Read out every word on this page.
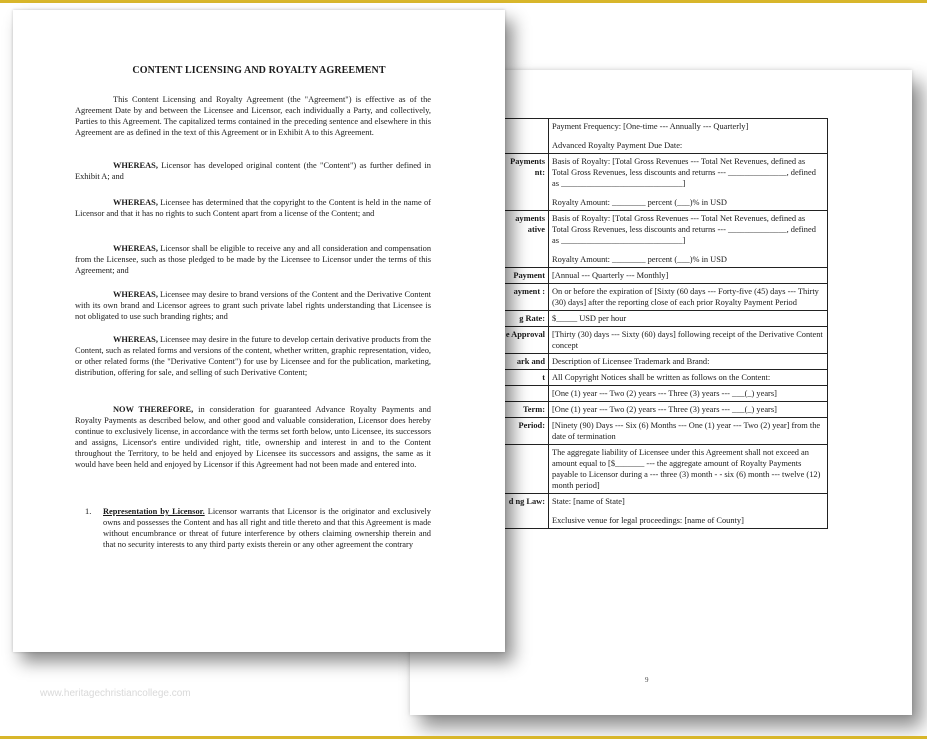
	Payment Frequency: [One-time --- Annually --- Quarterly]
Advanced Royalty Payment Due Date:

Payments nt:	Basis of Royalty: [Total Gross Revenues --- Total Net Revenues, defined as Total Gross Revenues, less discounts and returns --- ______________, defined as _____________________________]
Royalty Amount: ________ percent (___)% in USD

ayments ative	Basis of Royalty: [Total Gross Revenues --- Total Net Revenues, defined as Total Gross Revenues, less discounts and returns --- ______________, defined as _____________________________]
Royalty Amount: ________ percent (___)% in USD

Payment	[Annual --- Quarterly --- Monthly]

ayment :	On or before the expiration of [Sixty (60 days --- Forty-five (45) days --- Thirty (30) days] after the reporting close of each prior Royalty Payment Period

g Rate:	$_____ USD per hour

e Approval	[Thirty (30) days --- Sixty (60) days] following receipt of the Derivative Content concept

ark and	Description of Licensee Trademark and Brand:

t	All Copyright Notices shall be written as follows on the Content:

	[One (1) year --- Two (2) years --- Three (3) years --- ___(_) years]

Term:	[One (1) year --- Two (2) years --- Three (3) years --- ___(_) years]

Period:	[Ninety (90) Days --- Six (6) Months --- One (1) year --- Two (2) year] from the date of termination

	The aggregate liability of Licensee under this Agreement shall not exceed an amount equal to [$_______ --- the aggregate amount of Royalty Payments payable to Licensor during a --- three (3) month - - six (6) month --- twelve (12) month period]

d ng Law:	State: [name of State]
Exclusive venue for legal proceedings: [name of County]
9
CONTENT LICENSING AND ROYALTY AGREEMENT
This Content Licensing and Royalty Agreement (the "Agreement") is effective as of the Agreement Date by and between the Licensee and Licensor, each individually a Party, and collectively, Parties to this Agreement. The capitalized terms contained in the preceding sentence and elsewhere in this Agreement are as defined in the text of this Agreement or in Exhibit A to this Agreement.
WHEREAS, Licensor has developed original content (the "Content") as further defined in Exhibit A; and
WHEREAS, Licensee has determined that the copyright to the Content is held in the name of Licensor and that it has no rights to such Content apart from a license of the Content; and
WHEREAS, Licensor shall be eligible to receive any and all consideration and compensation from the Licensee, such as those pledged to be made by the Licensee to Licensor under the terms of this Agreement; and
WHEREAS, Licensee may desire to brand versions of the Content and the Derivative Content with its own brand and Licensor agrees to grant such private label rights understanding that Licensee is not obligated to use such branding rights; and
WHEREAS, Licensee may desire in the future to develop certain derivative products from the Content, such as related forms and versions of the content, whether written, graphic representation, video, or other related forms (the "Derivative Content") for use by Licensee and for the publication, marketing, distribution, offering for sale, and selling of such Derivative Content;
NOW THEREFORE, in consideration for guaranteed Advance Royalty Payments and Royalty Payments as described below, and other good and valuable consideration, Licensor does hereby continue to exclusively license, in accordance with the terms set forth below, unto Licensee, its successors and assigns, Licensor's entire undivided right, title, ownership and interest in and to the Content throughout the Territory, to be held and enjoyed by Licensee its successors and assigns, the same as it would have been held and enjoyed by Licensor if this Agreement had not been made and entered into.
1. Representation by Licensor. Licensor warrants that Licensor is the originator and exclusively owns and possesses the Content and has all right and title thereto and that this Agreement is made without encumbrance or threat of future interference by others claiming ownership therein and that no security interests to any third party exists therein or any other agreement the contrary
www.heritagechristiancollege.com
